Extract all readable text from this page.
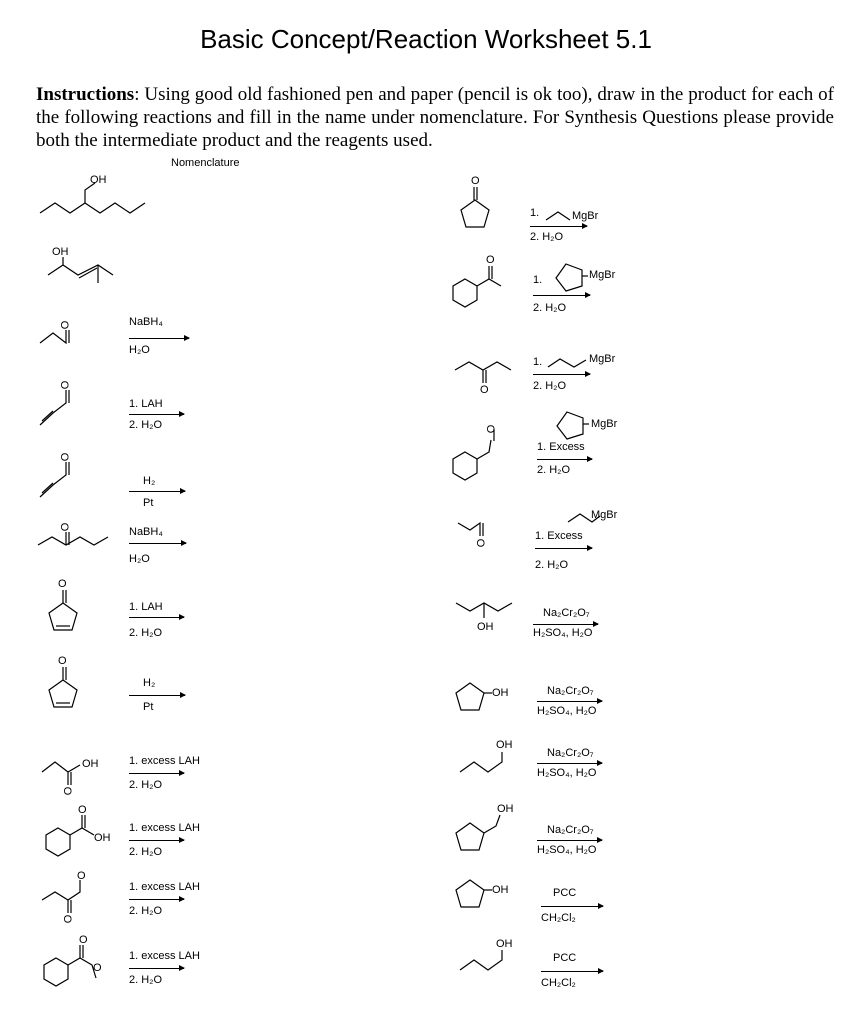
Basic Concept/Reaction Worksheet 5.1
Instructions: Using good old fashioned pen and paper (pencil is ok too), draw in the product for each of the following reactions and fill in the name under nomenclature. For Synthesis Questions please provide both the intermediate product and the reagents used.
Nomenclature
OH
OH
O
O
O
O
O
O
OH
O
OH
O
O
O
O
O
O
O
O
O
O
OH
OH
OH
OH
OH
OH
NaBH₄
H₂O
1. LAH
2. H₂O
H₂
Pt
NaBH₄
H₂O
1. LAH
2. H₂O
H₂
Pt
1. excess LAH
2. H₂O
1. excess LAH
2. H₂O
1. excess LAH
2. H₂O
1. excess LAH
2. H₂O
1.	MgBr
2. H₂O
1.	MgBr
2. H₂O
1.	MgBr
2. H₂O
MgBr
1. Excess
2. H₂O
MgBr
1. Excess
2. H₂O
Na₂Cr₂O₇
H₂SO₄, H₂O
Na₂Cr₂O₇
H₂SO₄, H₂O
Na₂Cr₂O₇
H₂SO₄, H₂O
Na₂Cr₂O₇
H₂SO₄, H₂O
PCC
CH₂Cl₂
PCC
CH₂Cl₂
